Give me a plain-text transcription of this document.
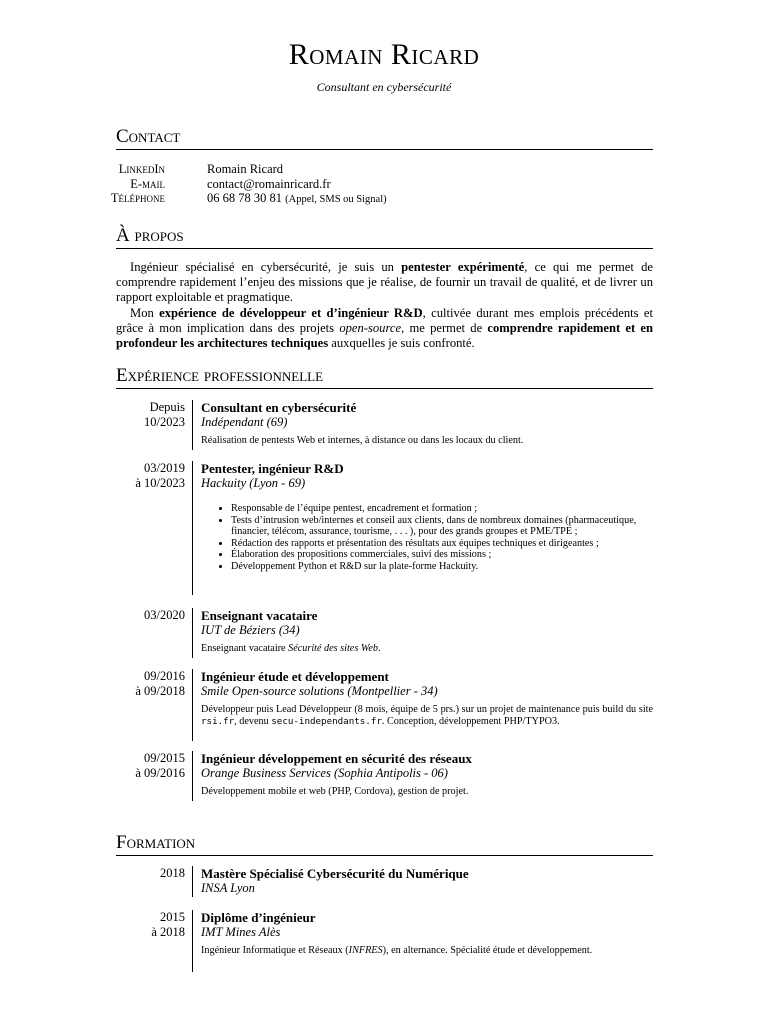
Romain Ricard
Consultant en cybersécurité
Contact
LinkedIn	Romain Ricard
E-mail	contact@romainricard.fr
Téléphone	06 68 78 30 81 (Appel, SMS ou Signal)
À propos

Ingénieur spécialisé en cybersécurité, je suis un pentester expérimenté, ce qui me permet de comprendre rapidement l’enjeu des missions que je réalise, de fournir un travail de qualité, et de livrer un rapport exploitable et pragmatique.

Mon expérience de développeur et d’ingénieur R&D, cultivée durant mes emplois précédents et grâce à mon implication dans des projets open-source, me permet de comprendre rapidement et en profondeur les architectures techniques auxquelles je suis confronté.

Expérience professionnelle
Depuis
10/2023
Consultant en cybersécurité
Indépendant (69)
Réalisation de pentests Web et internes, à distance ou dans les locaux du client.
03/2019
à 10/2023
Pentester, ingénieur R&D
Hackuity (Lyon - 69)
• Responsable de l’équipe pentest, encadrement et formation ;
• Tests d’intrusion web/internes et conseil aux clients, dans de nombreux domaines (pharmaceutique, financier, télécom, assurance, tourisme, . . . ), pour des grands groupes et PME/TPE ;
• Rédaction des rapports et présentation des résultats aux équipes techniques et dirigeantes ;
• Élaboration des propositions commerciales, suivi des missions ;
• Développement Python et R&D sur la plate-forme Hackuity.
03/2020 Enseignant vacataire
IUT de Béziers (34)
Enseignant vacataire Sécurité des sites Web.
09/2016
à 09/2018
Ingénieur étude et développement
Smile Open-source solutions (Montpellier - 34)
Développeur puis Lead Développeur (8 mois, équipe de 5 prs.) sur un projet de maintenance puis build du site rsi.fr, devenu secu-independants.fr. Conception, développement PHP/TYPO3.
09/2015
à 09/2016
Ingénieur développement en sécurité des réseaux
Orange Business Services (Sophia Antipolis - 06)
Développement mobile et web (PHP, Cordova), gestion de projet.
Formation
2018 Mastère Spécialisé Cybersécurité du Numérique
INSA Lyon
2015
à 2018
Diplôme d’ingénieur
IMT Mines Alès
Ingénieur Informatique et Réseaux (INFRES), en alternance. Spécialité étude et développement.
